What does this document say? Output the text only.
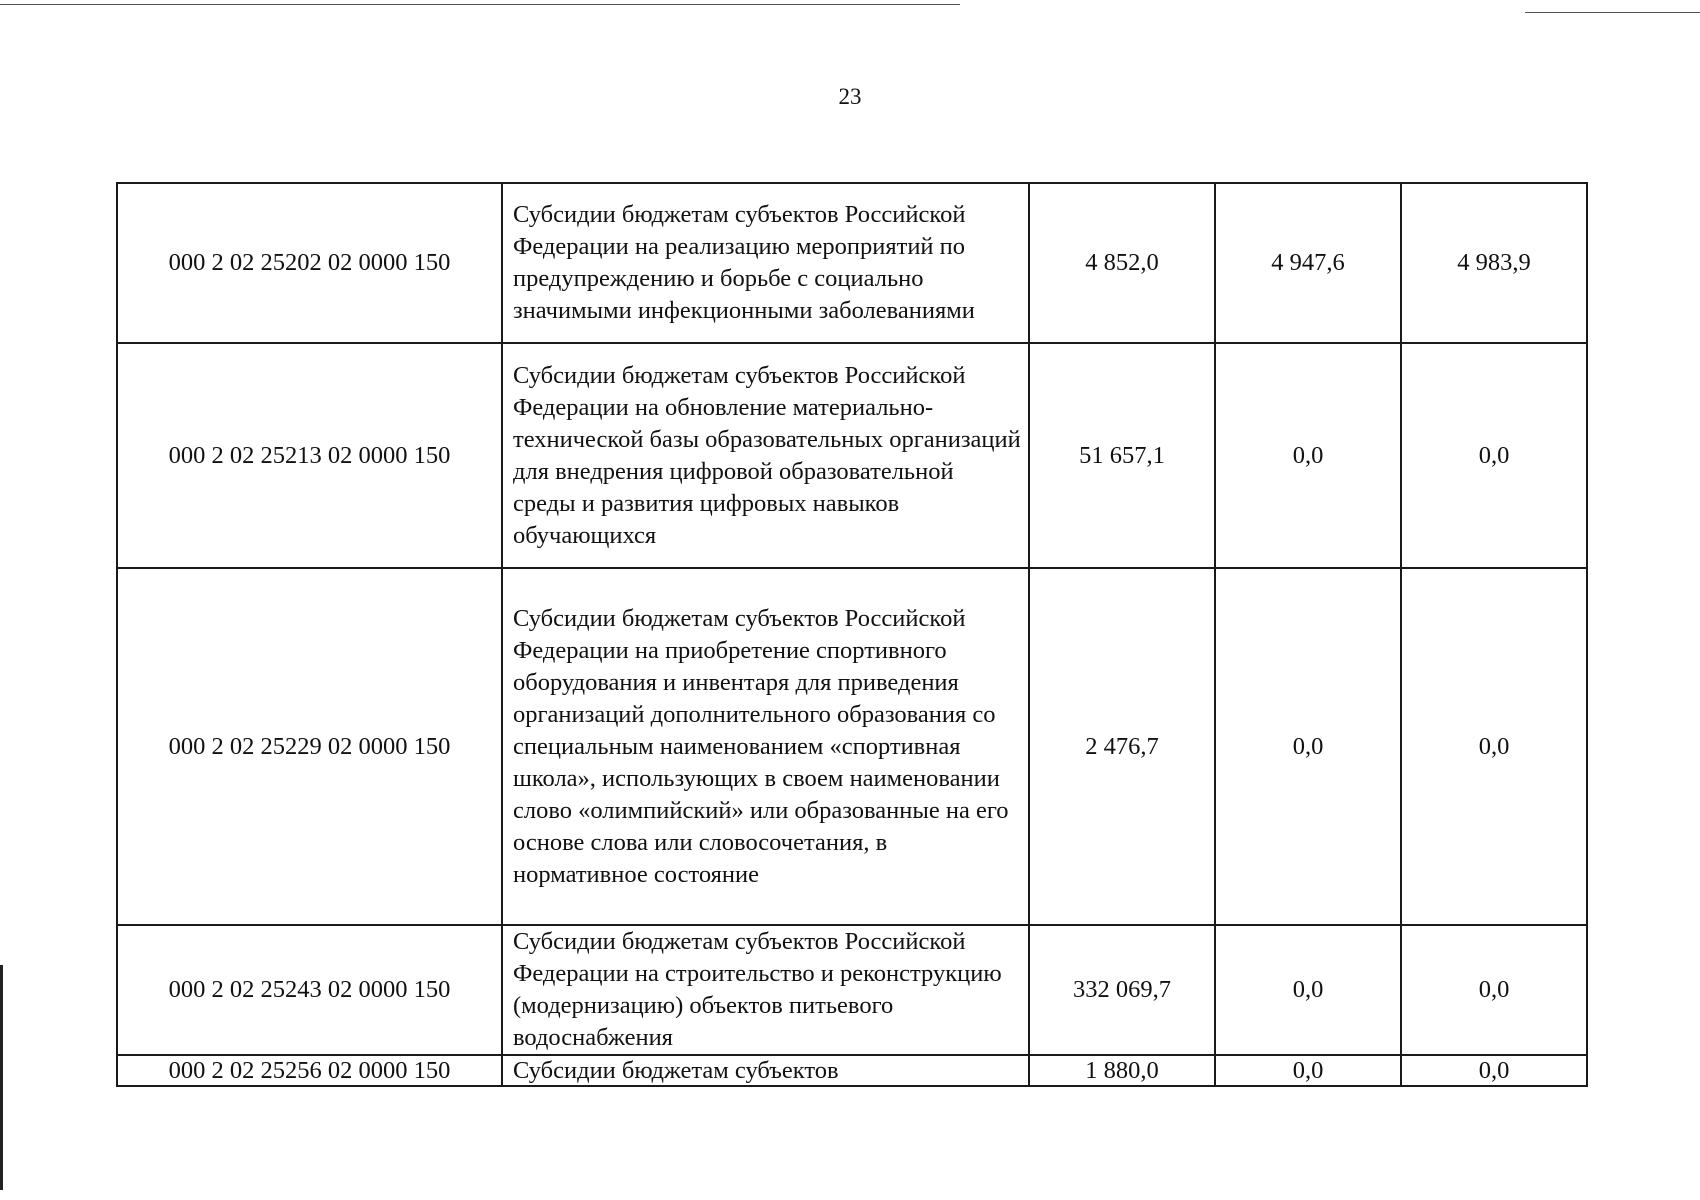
23
000 2 02 25202 02 0000 150	Субсидии бюджетам субъектов Российской Федерации на реализацию мероприятий по предупреждению и борьбе с социально значимыми инфекционными заболеваниями	4 852,0	4 947,6	4 983,9
000 2 02 25213 02 0000 150	Субсидии бюджетам субъектов Российской Федерации на обновление материально-технической базы образовательных организаций для внедрения цифровой образовательной среды и развития цифровых навыков обучающихся	51 657,1	0,0	0,0
000 2 02 25229 02 0000 150	Субсидии бюджетам субъектов Российской Федерации на приобретение спортивного оборудования и инвентаря для приведения организаций дополнительного образования со специальным наименованием «спортивная школа», использующих в своем наименовании слово «олимпийский» или образованные на его основе слова или словосочетания, в нормативное состояние	2 476,7	0,0	0,0
000 2 02 25243 02 0000 150	Субсидии бюджетам субъектов Российской Федерации на строительство и реконструкцию (модернизацию) объектов питьевого водоснабжения	332 069,7	0,0	0,0
000 2 02 25256 02 0000 150	Субсидии бюджетам субъектов	1 880,0	0,0	0,0
